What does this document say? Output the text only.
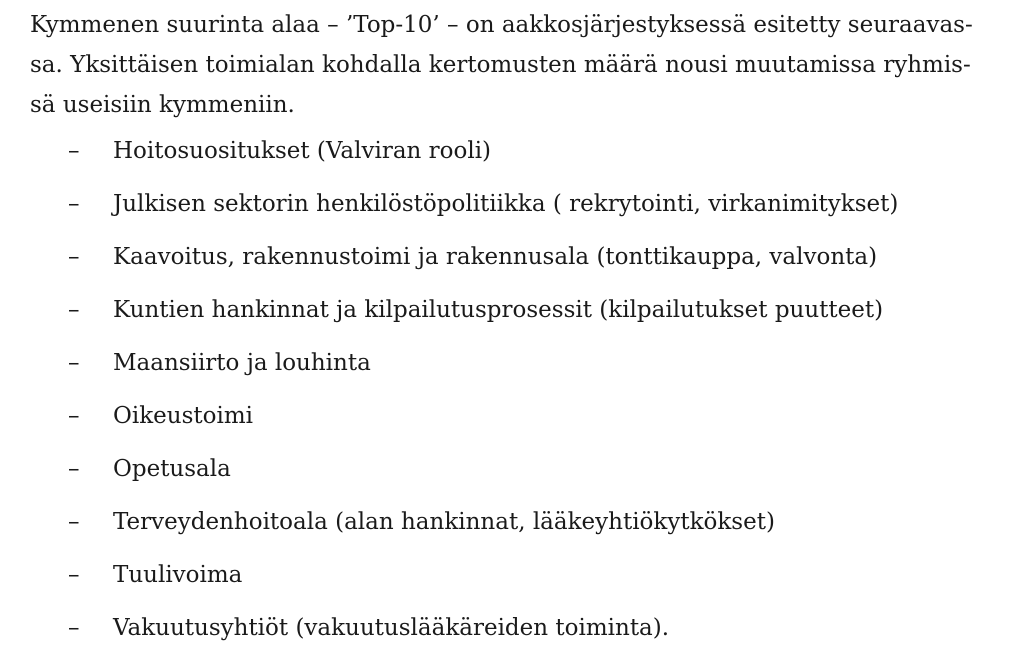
Kymmenen suurinta alaa – ’Top-10’ – on aakkosjärjestyksessä esitetty seuraavas-
sa. Yksittäisen toimialan kohdalla kertomusten määrä nousi muutamissa ryhmis-
sä useisiin kymmeniin.

– Hoitosuositukset (Valviran rooli)
– Julkisen sektorin henkilöstöpolitiikka ( rekrytointi, virkanimitykset)
– Kaavoitus, rakennustoimi ja rakennusala (tonttikauppa, valvonta)
– Kuntien hankinnat ja kilpailutusprosessit (kilpailutukset puutteet)
– Maansiirto ja louhinta
– Oikeustoimi
– Opetusala
– Terveydenhoitoala (alan hankinnat, lääkeyhtiökytkökset)
– Tuulivoima
– Vakuutusyhtiöt (vakuutuslääkäreiden toiminta).
